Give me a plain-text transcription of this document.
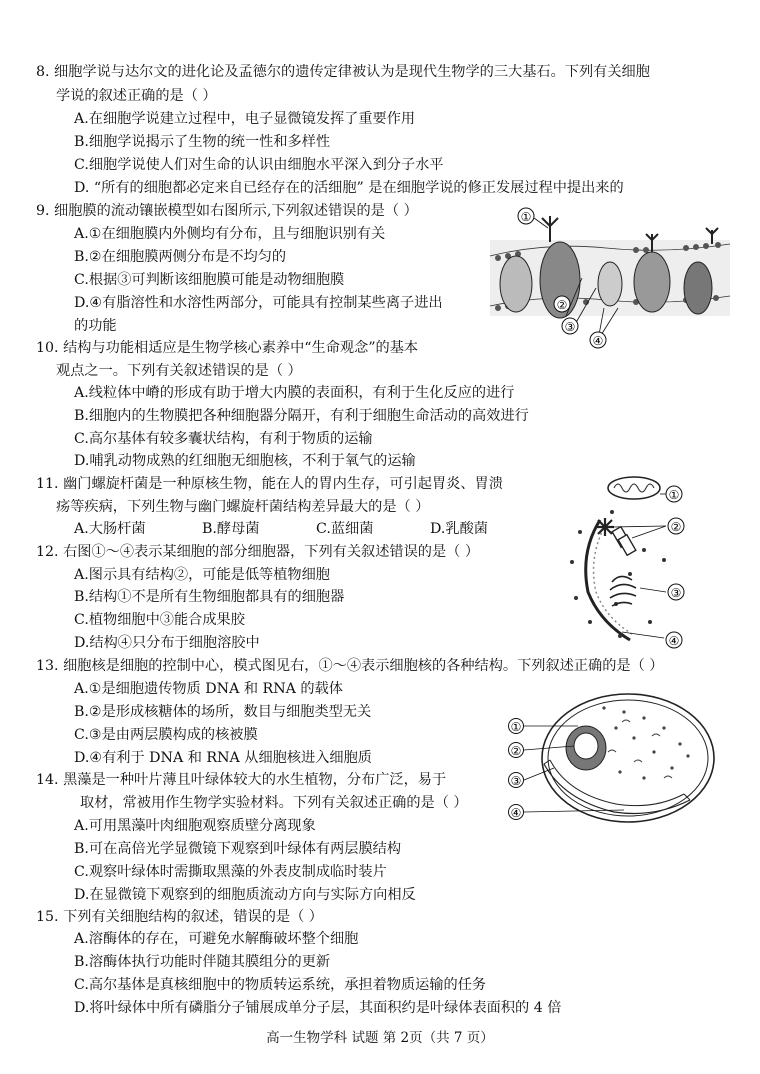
8. 细胞学说与达尔文的进化论及孟德尔的遗传定律被认为是现代生物学的三大基石。下列有关细胞
学说的叙述正确的是（ ）
A.在细胞学说建立过程中，电子显微镜发挥了重要作用
B.细胞学说揭示了生物的统一性和多样性
C.细胞学说使人们对生命的认识由细胞水平深入到分子水平
D. “所有的细胞都必定来自已经存在的活细胞” 是在细胞学说的修正发展过程中提出来的
9. 细胞膜的流动镶嵌模型如右图所示,下列叙述错误的是（ ）
A.①在细胞膜内外侧均有分布，且与细胞识别有关
B.②在细胞膜两侧分布是不均匀的
C.根据③可判断该细胞膜可能是动物细胞膜
D.④有脂溶性和水溶性两部分，可能具有控制某些离子进出
的功能
①
②
③
④
10. 结构与功能相适应是生物学核心素养中“生命观念”的基本
观点之一。下列有关叙述错误的是（ ）
A.线粒体中嵴的形成有助于增大内膜的表面积，有利于生化反应的进行
B.细胞内的生物膜把各种细胞器分隔开，有利于细胞生命活动的高效进行
C.高尔基体有较多囊状结构，有利于物质的运输
D.哺乳动物成熟的红细胞无细胞核，不利于氧气的运输
11. 幽门螺旋杆菌是一种原核生物，能在人的胃内生存，可引起胃炎、胃溃
疡等疾病，下列生物与幽门螺旋杆菌结构差异最大的是（ ）
A.大肠杆菌	B.酵母菌	C.蓝细菌	D.乳酸菌
①
②
③
④
12. 右图①～④表示某细胞的部分细胞器，下列有关叙述错误的是（ ）
A.图示具有结构②，可能是低等植物细胞
B.结构①不是所有生物细胞都具有的细胞器
C.植物细胞中③能合成果胶
D.结构④只分布于细胞溶胶中
13. 细胞核是细胞的控制中心，模式图见右，①～④表示细胞核的各种结构。下列叙述正确的是（ ）
A.①是细胞遗传物质 DNA 和 RNA 的载体
B.②是形成核糖体的场所，数目与细胞类型无关
C.③是由两层膜构成的核被膜
D.④有利于 DNA 和 RNA 从细胞核进入细胞质
①
②
③
④
14. 黑藻是一种叶片薄且叶绿体较大的水生植物，分布广泛，易于
取材，常被用作生物学实验材料。下列有关叙述正确的是（ ）
A.可用黑藻叶肉细胞观察质壁分离现象
B.可在高倍光学显微镜下观察到叶绿体有两层膜结构
C.观察叶绿体时需撕取黑藻的外表皮制成临时装片
D.在显微镜下观察到的细胞质流动方向与实际方向相反
15. 下列有关细胞结构的叙述，错误的是（ ）
A.溶酶体的存在，可避免水解酶破坏整个细胞
B.溶酶体执行功能时伴随其膜组分的更新
C.高尔基体是真核细胞中的物质转运系统，承担着物质运输的任务
D.将叶绿体中所有磷脂分子铺展成单分子层，其面积约是叶绿体表面积的 4 倍
高一生物学科 试题 第 2页（共 7 页）
